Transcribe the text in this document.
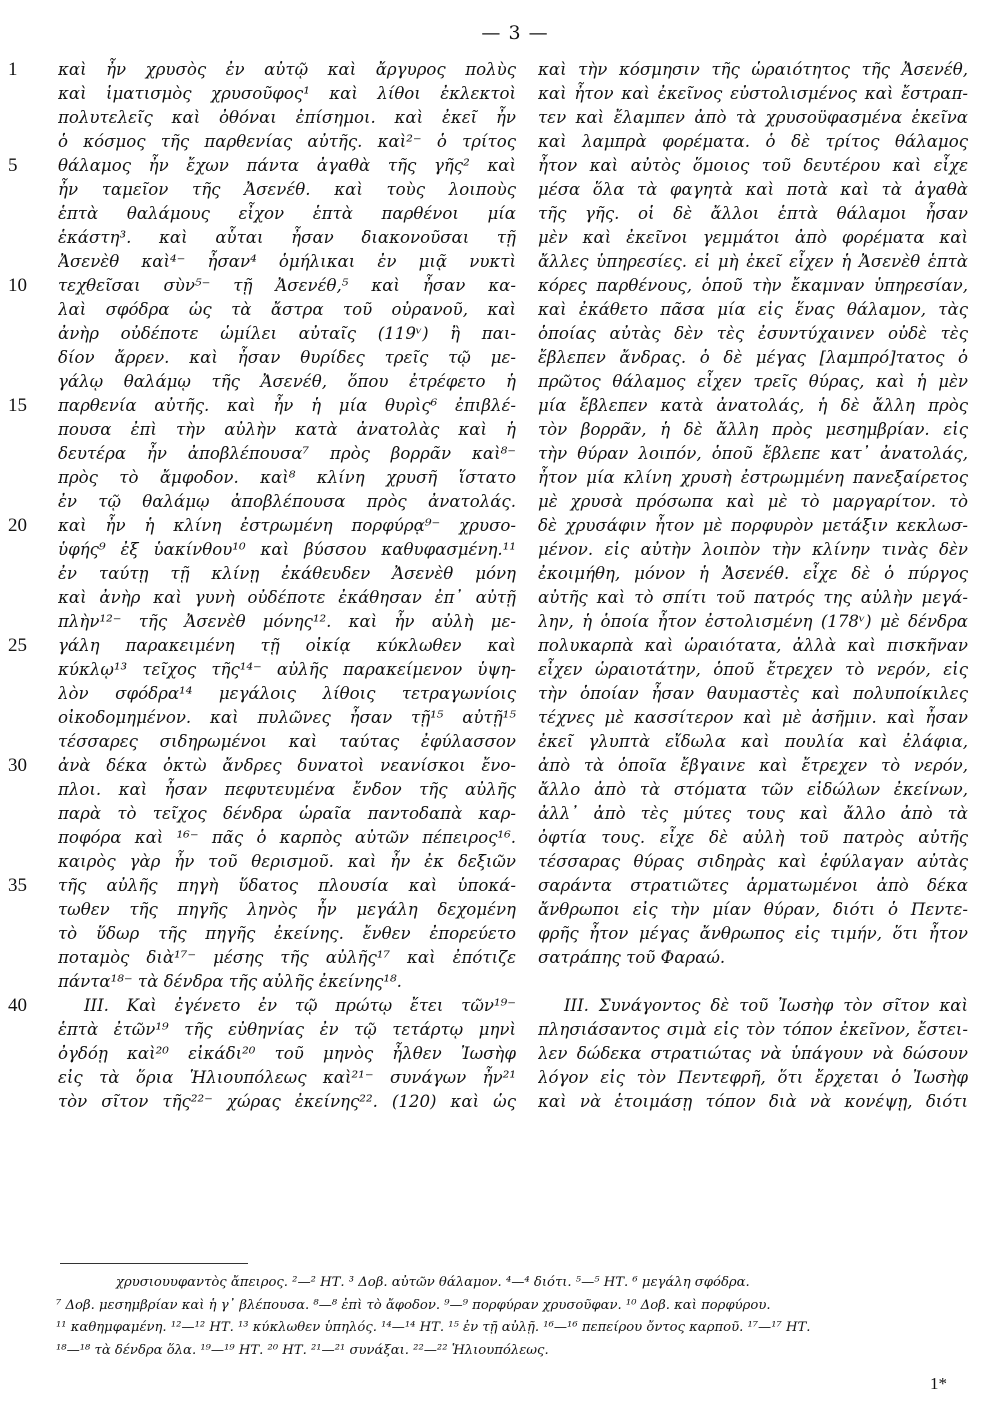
— 3 —
1
5
10
15
20
25
30
35
40
καὶ ἦν χρυσὸς ἐν αὐτῷ καὶ ἄργυρος πολὺς
καὶ ἱματισμὸς χρυσοῦφος¹ καὶ λίθοι ἐκλεκτοὶ
πολυτελεῖς καὶ ὀθόναι ἐπίσημοι. καὶ ἐκεῖ ἦν
ὁ κόσμος τῆς παρθενίας αὐτῆς. καὶ²⁻ ὁ τρίτος
θάλαμος ἦν ἔχων πάντα ἀγαθὰ τῆς γῆς² καὶ
ἦν ταμεῖον τῆς Ἀσενέθ. καὶ τοὺς λοιποὺς
ἑπτὰ θαλάμους εἶχον ἑπτὰ παρθένοι μία
ἑκάστη³. καὶ αὗται ἦσαν διακονοῦσαι τῇ
Ἀσενὲθ καὶ⁴⁻ ἦσαν⁴ ὁμήλικαι ἐν μιᾷ νυκτὶ
τεχθεῖσαι σὺν⁵⁻ τῇ Ἀσενέθ,⁵ καὶ ἦσαν κα-
λαὶ σφόδρα ὡς τὰ ἄστρα τοῦ οὐρανοῦ, καὶ
ἀνὴρ οὐδέποτε ὡμίλει αὐταῖς (119ᵛ) ἢ παι-
δίον ἄρρεν. καὶ ἦσαν θυρίδες τρεῖς τῷ με-
γάλῳ θαλάμῳ τῆς Ἀσενέθ, ὅπου ἐτρέφετο ἡ
παρθενία αὐτῆς. καὶ ἦν ἡ μία θυρὶς⁶ ἐπιβλέ-
πουσα ἐπὶ τὴν αὐλὴν κατὰ ἀνατολὰς καὶ ἡ
δευτέρα ἦν ἀποβλέπουσα⁷ πρὸς βορρᾶν καὶ⁸⁻
πρὸς τὸ ἄμφοδον. καὶ⁸ κλίνη χρυσῆ ἵστατο
ἐν τῷ θαλάμῳ ἀποβλέπουσα πρὸς ἀνατολάς.
καὶ ἦν ἡ κλίνη ἐστρωμένη πορφύρᾳ⁹⁻ χρυσο-
ὑφής⁹ ἐξ ὑακίνθου¹⁰ καὶ βύσσου καθυφασμένη.¹¹
ἐν ταύτῃ τῇ κλίνῃ ἐκάθευδεν Ἀσενὲθ μόνη
καὶ ἀνὴρ καὶ γυνὴ οὐδέποτε ἐκάθησαν ἐπ᾽ αὐτῇ
πλὴν¹²⁻ τῆς Ἀσενὲθ μόνης¹². καὶ ἦν αὐλὴ με-
γάλη παρακειμένη τῇ οἰκίᾳ κύκλωθεν καὶ
κύκλῳ¹³ τεῖχος τῆς¹⁴⁻ αὐλῆς παρακείμενον ὑψη-
λὸν σφόδρα¹⁴ μεγάλοις λίθοις τετραγωνίοις
οἰκοδομημένον. καὶ πυλῶνες ἦσαν τῇ¹⁵ αὐτῇ¹⁵
τέσσαρες σιδηρωμένοι καὶ ταύτας ἐφύλασσον
ἀνὰ δέκα ὀκτὼ ἄνδρες δυνατοὶ νεανίσκοι ἔνο-
πλοι. καὶ ἦσαν πεφυτευμένα ἔνδον τῆς αὐλῆς
παρὰ τὸ τεῖχος δένδρα ὡραῖα παντοδαπὰ καρ-
ποφόρα καὶ ¹⁶⁻ πᾶς ὁ καρπὸς αὐτῶν πέπειρος¹⁶.
καιρὸς γὰρ ἦν τοῦ θερισμοῦ. καὶ ἦν ἐκ δεξιῶν
τῆς αὐλῆς πηγὴ ὕδατος πλουσία καὶ ὑποκά-
τωθεν τῆς πηγῆς ληνὸς ἦν μεγάλη δεχομένη
τὸ ὕδωρ τῆς πηγῆς ἐκείνης. ἔνθεν ἐπορεύετο
ποταμὸς διὰ¹⁷⁻ μέσης τῆς αὐλῆς¹⁷ καὶ ἐπότιζε
πάντα¹⁸⁻ τὰ δένδρα τῆς αὐλῆς ἐκείνης¹⁸.
III. Καὶ ἐγένετο ἐν τῷ πρώτῳ ἔτει τῶν¹⁹⁻
ἑπτὰ ἐτῶν¹⁹ τῆς εὐθηνίας ἐν τῷ τετάρτῳ μηνὶ
ὀγδόῃ καὶ²⁰ εἰκάδι²⁰ τοῦ μηνὸς ἦλθεν Ἰωσὴφ
εἰς τὰ ὅρια Ἡλιουπόλεως καὶ²¹⁻ συνάγων ἦν²¹
τὸν σῖτον τῆς²²⁻ χώρας ἐκείνης²². (120) καὶ ὡς
καὶ τὴν κόσμησιν τῆς ὡραιότητος τῆς Ἀσενέθ,
καὶ ἦτον καὶ ἐκεῖνος εὐστολισμένος καὶ ἔστραπ-
τεν καὶ ἔλαμπεν ἀπὸ τὰ χρυσοϋφασμένα ἐκεῖνα
καὶ λαμπρὰ φορέματα. ὁ δὲ τρίτος θάλαμος
ἦτον καὶ αὐτὸς ὅμοιος τοῦ δευτέρου καὶ εἶχε
μέσα ὅλα τὰ φαγητὰ καὶ ποτὰ καὶ τὰ ἀγαθὰ
τῆς γῆς. οἱ δὲ ἄλλοι ἑπτὰ θάλαμοι ἦσαν
μὲν καὶ ἐκεῖνοι γεμμάτοι ἀπὸ φορέματα καὶ
ἄλλες ὑπηρεσίες. εἰ μὴ ἐκεῖ εἶχεν ἡ Ἀσενὲθ ἑπτὰ
κόρες παρθένους, ὁποῦ τὴν ἔκαμναν ὑπηρεσίαν,
καὶ ἐκάθετο πᾶσα μία εἰς ἕνας θάλαμον, τὰς
ὁποίας αὐτὰς δὲν τὲς ἐσυντύχαινεν οὐδὲ τὲς
ἔβλεπεν ἄνδρας. ὁ δὲ μέγας [λαμπρό]τατος ὁ
πρῶτος θάλαμος εἶχεν τρεῖς θύρας, καὶ ἡ μὲν
μία ἔβλεπεν κατὰ ἀνατολάς, ἡ δὲ ἄλλη πρὸς
τὸν βορρᾶν, ἡ δὲ ἄλλη πρὸς μεσημβρίαν. εἰς
τὴν θύραν λοιπόν, ὁποῦ ἔβλεπε κατ᾽ ἀνατολάς,
ἦτον μία κλίνη χρυσὴ ἐστρωμμένη πανεξαίρετος
μὲ χρυσὰ πρόσωπα καὶ μὲ τὸ μαργαρίτον. τὸ
δὲ χρυσάφιν ἦτον μὲ πορφυρὸν μετάξιν κεκλωσ-
μένον. εἰς αὐτὴν λοιπὸν τὴν κλίνην τινὰς δὲν
ἐκοιμήθη, μόνον ἡ Ἀσενέθ. εἶχε δὲ ὁ πύργος
αὐτῆς καὶ τὸ σπίτι τοῦ πατρός της αὐλὴν μεγά-
λην, ἡ ὁποία ἦτον ἐστολισμένη (178ᵛ) μὲ δένδρα
πολυκαρπὰ καὶ ὡραιότατα, ἀλλὰ καὶ πισκῆναν
εἶχεν ὡραιοτάτην, ὁποῦ ἔτρεχεν τὸ νερόν, εἰς
τὴν ὁποίαν ἦσαν θαυμαστὲς καὶ πολυποίκιλες
τέχνες μὲ κασσίτερον καὶ μὲ ἀσῆμιν. καὶ ἦσαν
ἐκεῖ γλυπτὰ εἴδωλα καὶ πουλία καὶ ἐλάφια,
ἀπὸ τὰ ὁποῖα ἔβγαινε καὶ ἔτρεχεν τὸ νερόν,
ἄλλο ἀπὸ τὰ στόματα τῶν εἰδώλων ἐκείνων,
ἀλλ᾽ ἀπὸ τὲς μύτες τους καὶ ἄλλο ἀπὸ τὰ
ὀφτία τους. εἶχε δὲ αὐλὴ τοῦ πατρὸς αὐτῆς
τέσσαρας θύρας σιδηρὰς καὶ ἐφύλαγαν αὐτὰς
σαράντα στρατιῶτες ἁρματωμένοι ἀπὸ δέκα
ἄνθρωποι εἰς τὴν μίαν θύραν, διότι ὁ Πεντε-
φρῆς ἦτον μέγας ἄνθρωπος εἰς τιμήν, ὅτι ἦτον
σατράπης τοῦ Φαραώ.
III. Συνάγοντος δὲ τοῦ Ἰωσὴφ τὸν σῖτον καὶ
πλησιάσαντος σιμὰ εἰς τὸν τόπον ἐκεῖνον, ἔστει-
λεν δώδεκα στρατιώτας νὰ ὑπάγουν νὰ δώσουν
λόγον εἰς τὸν Πεντεφρῆ, ὅτι ἔρχεται ὁ Ἰωσὴφ
καὶ νὰ ἑτοιμάσῃ τόπον διὰ νὰ κονέψῃ, διότι
χρυσιουυφαντὸς ἄπειρος. ²—² ΗΤ. ³ Δοβ. αὐτῶν θάλαμον. ⁴—⁴ διότι. ⁵—⁵ ΗΤ. ⁶ μεγάλη σφόδρα.
⁷ Δοβ. μεσημβρίαν καὶ ἡ γ᾽ βλέπουσα. ⁸—⁸ ἐπὶ τὸ ἄφοδον. ⁹—⁹ πορφύραν χρυσοῦφαν. ¹⁰ Δοβ. καὶ πορφύρου.
¹¹ καθημφαμένη. ¹²—¹² ΗΤ. ¹³ κύκλωθεν ὑπηλός. ¹⁴—¹⁴ ΗΤ. ¹⁵ ἐν τῇ αὐλῇ. ¹⁶—¹⁶ πεπείρου ὄντος καρποῦ. ¹⁷—¹⁷ ΗΤ.
¹⁸—¹⁸ τὰ δένδρα ὅλα. ¹⁹—¹⁹ ΗΤ. ²⁰ ΗΤ. ²¹—²¹ συνάξαι. ²²—²² Ἡλιουπόλεως.
1*
